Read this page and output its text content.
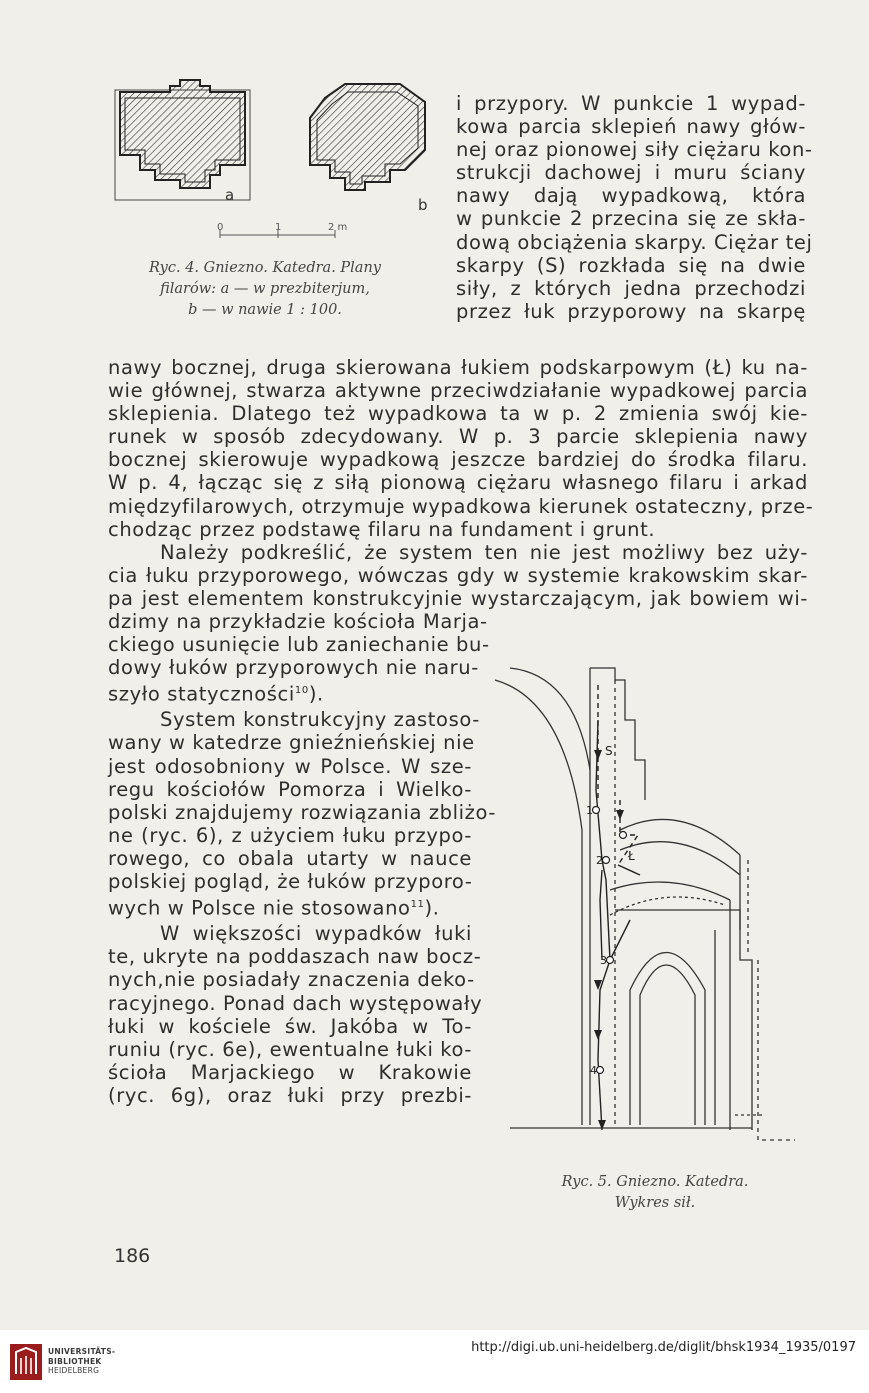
a
b
0	1	2 m
Ryc. 4. Gniezno. Katedra. Plany
filarów: a — w prezbiterjum,
b — w nawie 1 : 100.
i przypory. W punkcie 1 wypad-
kowa parcia sklepień nawy głów-
nej oraz pionowej siły ciężaru kon-
strukcji dachowej i muru ściany
nawy dają wypadkową, która
w punkcie 2 przecina się ze skła-
dową obciążenia skarpy. Ciężar tej
skarpy (S) rozkłada się na dwie
siły, z których jedna przechodzi
przez łuk przyporowy na skarpę
nawy bocznej, druga skierowana łukiem podskarpowym (Ł) ku na-
wie głównej, stwarza aktywne przeciwdziałanie wypadkowej parcia
sklepienia. Dlatego też wypadkowa ta w p. 2 zmienia swój kie-
runek w sposób zdecydowany. W p. 3 parcie sklepienia nawy
bocznej skierowuje wypadkową jeszcze bardziej do środka filaru.
W p. 4, łącząc się z siłą pionową ciężaru własnego filaru i arkad
międzyfilarowych, otrzymuje wypadkowa kierunek ostateczny, prze-
chodząc przez podstawę filaru na fundament i grunt.
Należy podkreślić, że system ten nie jest możliwy bez uży-
cia łuku przyporowego, wówczas gdy w systemie krakowskim skar-
pa jest elementem konstrukcyjnie wystarczającym, jak bowiem wi-
dzimy na przykładzie kościoła Marja-
ckiego usunięcie lub zaniechanie bu-
dowy łuków przyporowych nie naru-
szyło statyczności$^{10}$).
System konstrukcyjny zastoso-
wany w katedrze gnieźnieńskiej nie
jest odosobniony w Polsce. W sze-
regu kościołów Pomorza i Wielko-
polski znajdujemy rozwiązania zbliżo-
ne (ryc. 6), z użyciem łuku przypo-
rowego, co obala utarty w nauce
polskiej pogląd, że łuków przyporo-
wych w Polsce nie stosowano$^{11}$).
W większości wypadków łuki
te, ukryte na poddaszach naw bocz-
nych,nie posiadały znaczenia deko-
racyjnego. Ponad dach występowały
łuki w kościele św. Jakóba w To-
runiu (ryc. 6e), ewentualne łuki ko-
ścioła Marjackiego w Krakowie
(ryc. 6g), oraz łuki przy prezbi-
S
Ł
1
2
3
4
Ryc. 5. Gniezno. Katedra.
Wykres sił.
186
UNIVERSITÄTS-
BIBLIOTHEK
HEIDELBERG
http://digi.ub.uni-heidelberg.de/diglit/bhsk1934_1935/0197
